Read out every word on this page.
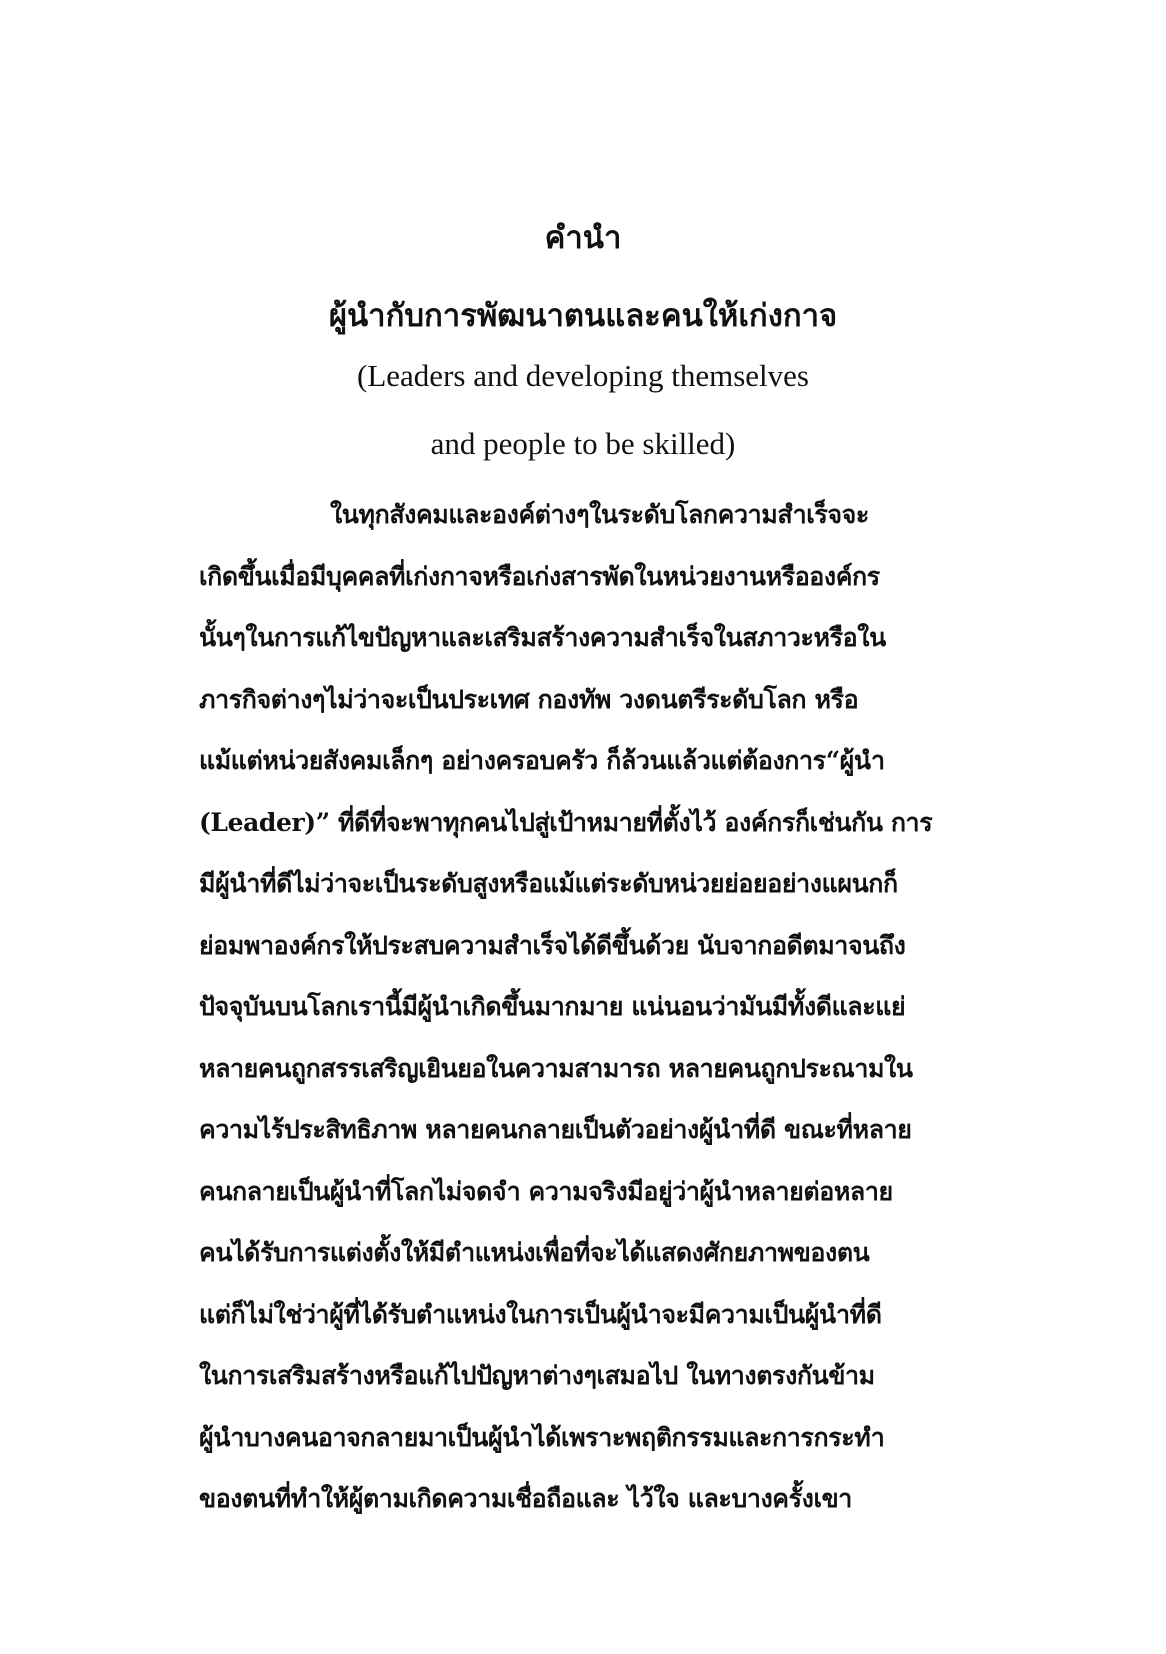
คำนำ
ผู้นำกับการพัฒนาตนและคนให้เก่งกาจ
(Leaders and developing themselves
and people to be skilled)
ในทุกสังคมและองค์ต่างๆในระดับโลกความสำเร็จจะ
เกิดขึ้นเมื่อมีบุคคลที่เก่งกาจหรือเก่งสารพัดในหน่วยงานหรือองค์กร
นั้นๆในการแก้ไขปัญหาและเสริมสร้างความสำเร็จในสภาวะหรือใน
ภารกิจต่างๆไม่ว่าจะเป็นประเทศ กองทัพ วงดนตรีระดับโลก หรือ
แม้แต่หน่วยสังคมเล็กๆ อย่างครอบครัว ก็ล้วนแล้วแต่ต้องการ“ผู้นำ
(Leader)” ที่ดีที่จะพาทุกคนไปสู่เป้าหมายที่ตั้งไว้ องค์กรก็เช่นกัน การ
มีผู้นำที่ดีไม่ว่าจะเป็นระดับสูงหรือแม้แต่ระดับหน่วยย่อยอย่างแผนกก็
ย่อมพาองค์กรให้ประสบความสำเร็จได้ดีขึ้นด้วย นับจากอดีตมาจนถึง
ปัจจุบันบนโลกเรานี้มีผู้นำเกิดขึ้นมากมาย แน่นอนว่ามันมีทั้งดีและแย่
หลายคนถูกสรรเสริญเยินยอในความสามารถ หลายคนถูกประณามใน
ความไร้ประสิทธิภาพ หลายคนกลายเป็นตัวอย่างผู้นำที่ดี ขณะที่หลาย
คนกลายเป็นผู้นำที่โลกไม่จดจำ ความจริงมีอยู่ว่าผู้นำหลายต่อหลาย
คนได้รับการแต่งตั้งให้มีตำแหน่งเพื่อที่จะได้แสดงศักยภาพของตน
แต่ก็ไม่ใช่ว่าผู้ที่ได้รับตำแหน่งในการเป็นผู้นำจะมีความเป็นผู้นำที่ดี
ในการเสริมสร้างหรือแก้ไปปัญหาต่างๆเสมอไป ในทางตรงกันข้าม
ผู้นำบางคนอาจกลายมาเป็นผู้นำได้เพราะพฤติกรรมและการกระทำ
ของตนที่ทำให้ผู้ตามเกิดความเชื่อถือและ ไว้ใจ และบางครั้งเขา
